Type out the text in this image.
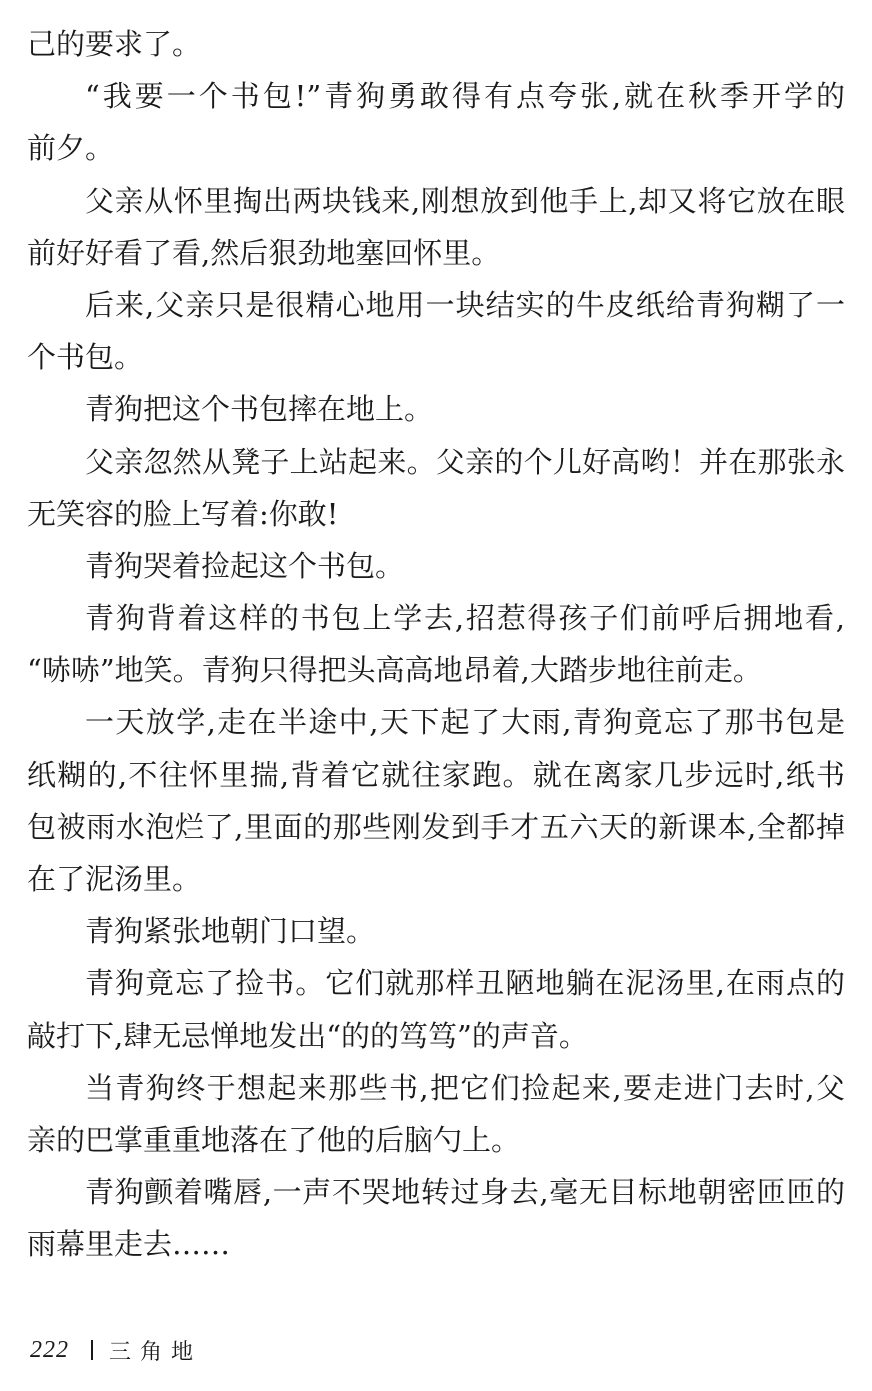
己的要求了。
“我要一个书包!”青狗勇敢得有点夸张,就在秋季开学的
前夕。
父亲从怀里掏出两块钱来,刚想放到他手上,却又将它放在眼
前好好看了看,然后狠劲地塞回怀里。
后来,父亲只是很精心地用一块结实的牛皮纸给青狗糊了一
个书包。
青狗把这个书包摔在地上。
父亲忽然从凳子上站起来。父亲的个儿好高哟！并在那张永
无笑容的脸上写着:你敢!
青狗哭着捡起这个书包。
青狗背着这样的书包上学去,招惹得孩子们前呼后拥地看,
“哧哧”地笑。青狗只得把头高高地昂着,大踏步地往前走。
一天放学,走在半途中,天下起了大雨,青狗竟忘了那书包是
纸糊的,不往怀里揣,背着它就往家跑。就在离家几步远时,纸书
包被雨水泡烂了,里面的那些刚发到手才五六天的新课本,全都掉
在了泥汤里。
青狗紧张地朝门口望。
青狗竟忘了捡书。它们就那样丑陋地躺在泥汤里,在雨点的
敲打下,肆无忌惮地发出“的的笃笃”的声音。
当青狗终于想起来那些书,把它们捡起来,要走进门去时,父
亲的巴掌重重地落在了他的后脑勺上。
青狗颤着嘴唇,一声不哭地转过身去,毫无目标地朝密匝匝的
雨幕里走去……
222 三角地
